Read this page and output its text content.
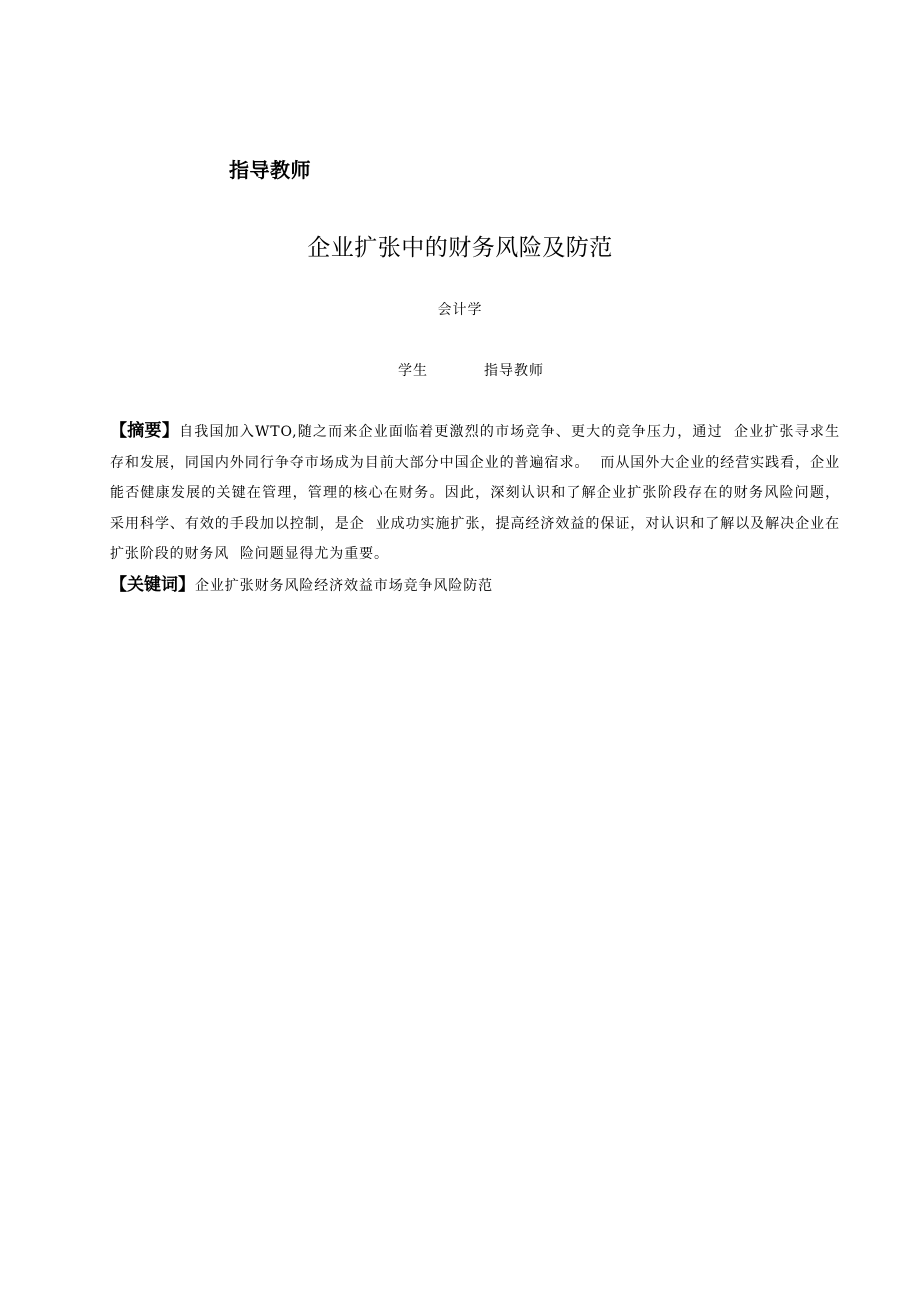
指导教师
企业扩张中的财务风险及防范
会计学
学生	指导教师
【摘要】自我国加入WTO,随之而来企业面临着更激烈的市场竞争、更大的竞争压力，通过  企业扩张寻求生存和发展，同国内外同行争夺市场成为目前大部分中国企业的普遍宿求。  而从国外大企业的经营实践看，企业能否健康发展的关键在管理，管理的核心在财务。因此，深刻认识和了解企业扩张阶段存在的财务风险问题，采用科学、有效的手段加以控制，是企  业成功实施扩张，提高经济效益的保证，对认识和了解以及解决企业在扩张阶段的财务风  险问题显得尤为重要。
【关键词】企业扩张财务风险经济效益市场竞争风险防范
